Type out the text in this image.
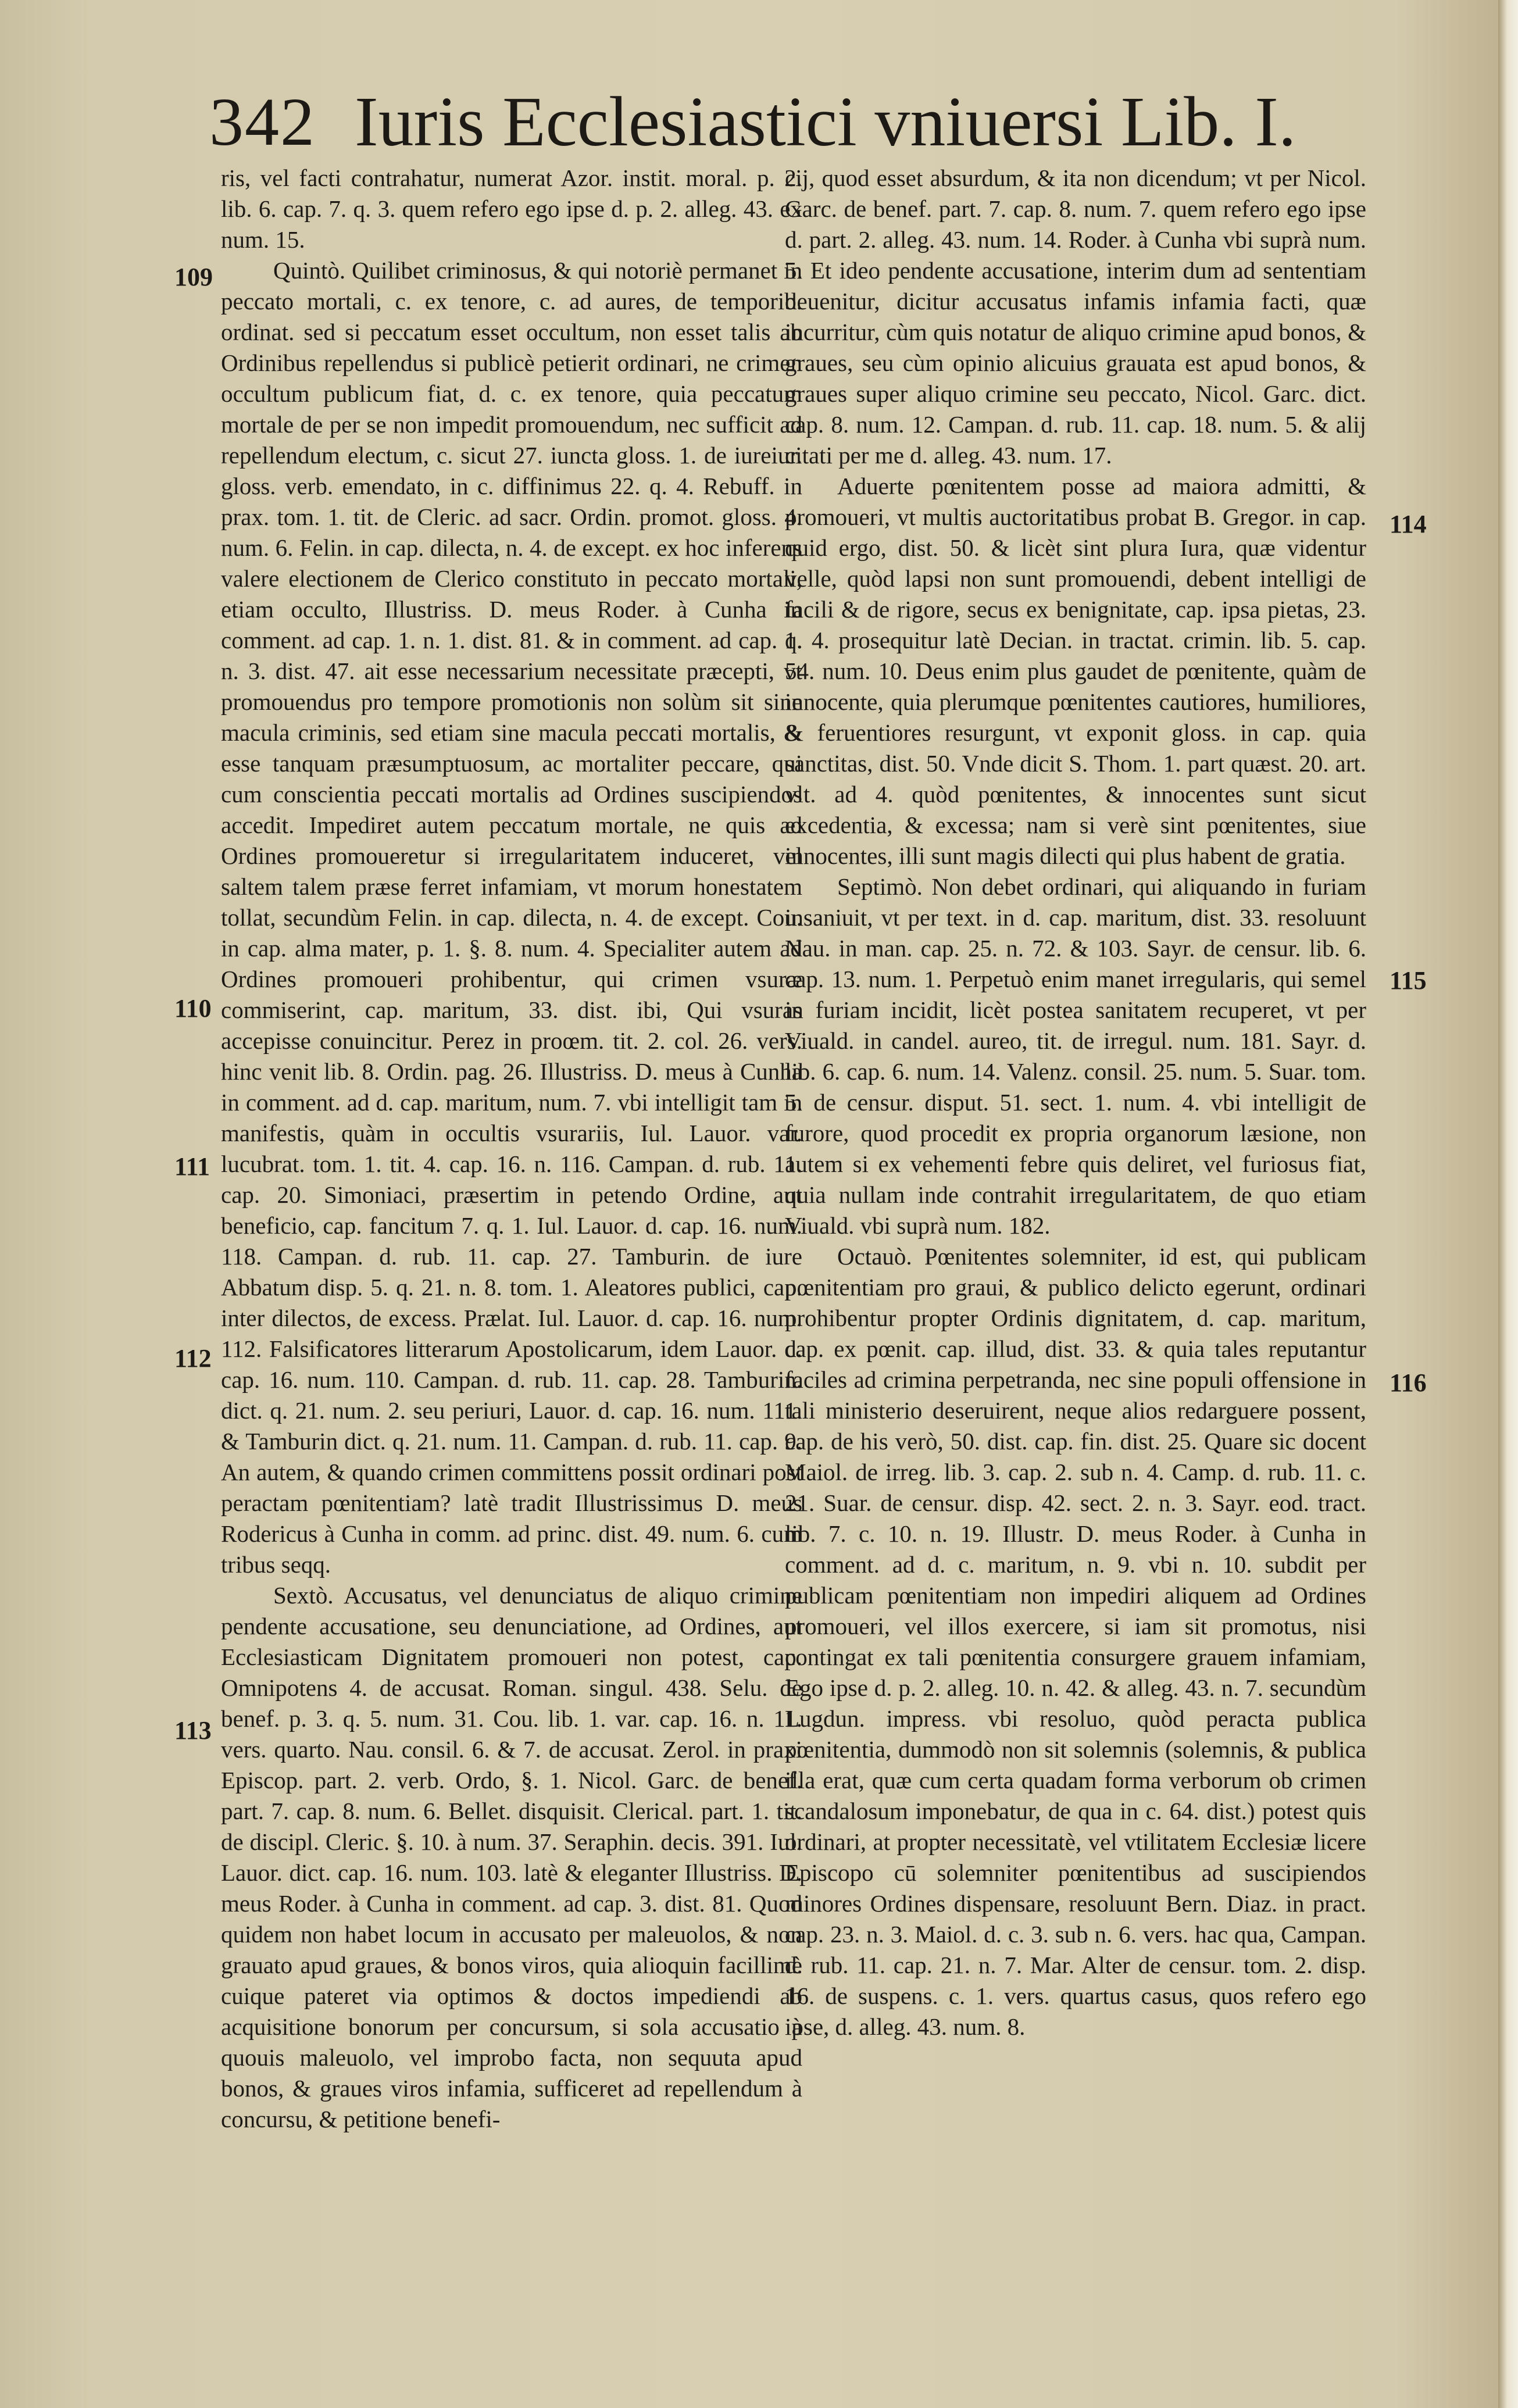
342 Iuris Ecclesiastici vniuersi Lib. I.

ris, vel facti contrahatur, numerat Azor. instit. moral. p. 2. lib. 6. cap. 7. q. 3. quem refero ego ipse d. p. 2. alleg. 43. ex num. 15.

Quintò. Quilibet criminosus, & qui notoriè permanet in peccato mortali, c. ex tenore, c. ad aures, de temporib. ordinat. sed si peccatum esset occultum, non esset talis ab Ordinibus repellendus si publicè petierit ordinari, ne crimen occultum publicum fiat, d. c. ex tenore, quia peccatum mortale de per se non impedit promouendum, nec sufficit ad repellendum electum, c. sicut 27. iuncta gloss. 1. de iureiur. gloss. verb. emendato, in c. diffinimus 22. q. 4. Rebuff. in prax. tom. 1. tit. de Cleric. ad sacr. Ordin. promot. gloss. 4. num. 6. Felin. in cap. dilecta, n. 4. de except. ex hoc inferens valere electionem de Clerico constituto in peccato mortali, etiam occulto, Illustriss. D. meus Roder. à Cunha in comment. ad cap. 1. n. 1. dist. 81. & in comment. ad cap. 1. n. 3. dist. 47. ait esse necessarium necessitate præcepti, vt promouendus pro tempore promotionis non solùm sit sine macula criminis, sed etiam sine macula peccati mortalis, & esse tanquam præsumptuosum, ac mortaliter peccare, qui cum conscientia peccati mortalis ad Ordines suscipiendos accedit. Impediret autem peccatum mortale, ne quis ad Ordines promoueretur si irregularitatem induceret, vel saltem talem præse ferret infamiam, vt morum honestatem tollat, secundùm Felin. in cap. dilecta, n. 4. de except. Cou. in cap. alma mater, p. 1. §. 8. num. 4. Specialiter autem ad Ordines promoueri prohibentur, qui crimen vsuræ commiserint, cap. maritum, 33. dist. ibi, Qui vsuras accepisse conuincitur. Perez in proœm. tit. 2. col. 26. vers. hinc venit lib. 8. Ordin. pag. 26. Illustriss. D. meus à Cunha in comment. ad d. cap. maritum, num. 7. vbi intelligit tam in manifestis, quàm in occultis vsurariis, Iul. Lauor. var. lucubrat. tom. 1. tit. 4. cap. 16. n. 116. Campan. d. rub. 11. cap. 20. Simoniaci, præsertim in petendo Ordine, aut beneficio, cap. fancitum 7. q. 1. Iul. Lauor. d. cap. 16. num. 118. Campan. d. rub. 11. cap. 27. Tamburin. de iure Abbatum disp. 5. q. 21. n. 8. tom. 1. Aleatores publici, cap. inter dilectos, de excess. Prælat. Iul. Lauor. d. cap. 16. num. 112. Falsificatores litterarum Apostolicarum, idem Lauor. d. cap. 16. num. 110. Campan. d. rub. 11. cap. 28. Tamburin. dict. q. 21. num. 2. seu periuri, Lauor. d. cap. 16. num. 111. & Tamburin dict. q. 21. num. 11. Campan. d. rub. 11. cap. 9. An autem, & quando crimen committens possit ordinari post peractam pœnitentiam? latè tradit Illustrissimus D. meus Rodericus à Cunha in comm. ad princ. dist. 49. num. 6. cum tribus seqq.

Sextò. Accusatus, vel denunciatus de aliquo crimine pendente accusatione, seu denunciatione, ad Ordines, aut Ecclesiasticam Dignitatem promoueri non potest, cap. Omnipotens 4. de accusat. Roman. singul. 438. Selu. de benef. p. 3. q. 5. num. 31. Cou. lib. 1. var. cap. 16. n. 11. vers. quarto. Nau. consil. 6. & 7. de accusat. Zerol. in praxi Episcop. part. 2. verb. Ordo, §. 1. Nicol. Garc. de benef. part. 7. cap. 8. num. 6. Bellet. disquisit. Clerical. part. 1. tit. de discipl. Cleric. §. 10. à num. 37. Seraphin. decis. 391. Iul. Lauor. dict. cap. 16. num. 103. latè & eleganter Illustriss. D. meus Roder. à Cunha in comment. ad cap. 3. dist. 81. Quod quidem non habet locum in accusato per maleuolos, & non grauato apud graues, & bonos viros, quia alioquin facillimè cuique pateret via optimos & doctos impediendi ab acquisitione bonorum per concursum, si sola accusatio à quouis maleuolo, vel improbo facta, non sequuta apud bonos, & graues viros infamia, sufficeret ad repellendum à concursu, & petitione benefi-

cij, quod esset absurdum, & ita non dicendum; vt per Nicol. Garc. de benef. part. 7. cap. 8. num. 7. quem refero ego ipse d. part. 2. alleg. 43. num. 14. Roder. à Cunha vbi suprà num. 5. Et ideo pendente accusatione, interim dum ad sententiam deuenitur, dicitur accusatus infamis infamia facti, quæ incurritur, cùm quis notatur de aliquo crimine apud bonos, & graues, seu cùm opinio alicuius grauata est apud bonos, & graues super aliquo crimine seu peccato, Nicol. Garc. dict. cap. 8. num. 12. Campan. d. rub. 11. cap. 18. num. 5. & alij citati per me d. alleg. 43. num. 17.

Aduerte pœnitentem posse ad maiora admitti, & promoueri, vt multis auctoritatibus probat B. Gregor. in cap. quid ergo, dist. 50. & licèt sint plura Iura, quæ videntur velle, quòd lapsi non sunt promouendi, debent intelligi de facili & de rigore, secus ex benignitate, cap. ipsa pietas, 23. q. 4. prosequitur latè Decian. in tractat. crimin. lib. 5. cap. 54. num. 10. Deus enim plus gaudet de pœnitente, quàm de innocente, quia plerumque pœnitentes cautiores, humiliores, & feruentiores resurgunt, vt exponit gloss. in cap. quia sanctitas, dist. 50. Vnde dicit S. Thom. 1. part quæst. 20. art. vlt. ad 4. quòd pœnitentes, & innocentes sunt sicut excedentia, & excessa; nam si verè sint pœnitentes, siue innocentes, illi sunt magis dilecti qui plus habent de gratia.

Septimò. Non debet ordinari, qui aliquando in furiam insaniuit, vt per text. in d. cap. maritum, dist. 33. resoluunt Nau. in man. cap. 25. n. 72. & 103. Sayr. de censur. lib. 6. cap. 13. num. 1. Perpetuò enim manet irregularis, qui semel in furiam incidit, licèt postea sanitatem recuperet, vt per Viuald. in candel. aureo, tit. de irregul. num. 181. Sayr. d. lib. 6. cap. 6. num. 14. Valenz. consil. 25. num. 5. Suar. tom. 5. de censur. disput. 51. sect. 1. num. 4. vbi intelligit de furore, quod procedit ex propria organorum læsione, non autem si ex vehementi febre quis deliret, vel furiosus fiat, quia nullam inde contrahit irregularitatem, de quo etiam Viuald. vbi suprà num. 182.

Octauò. Pœnitentes solemniter, id est, qui publicam pœnitentiam pro graui, & publico delicto egerunt, ordinari prohibentur propter Ordinis dignitatem, d. cap. maritum, cap. ex pœnit. cap. illud, dist. 33. & quia tales reputantur faciles ad crimina perpetranda, nec sine populi offensione in tali ministerio deseruirent, neque alios redarguere possent, cap. de his verò, 50. dist. cap. fin. dist. 25. Quare sic docent Maiol. de irreg. lib. 3. cap. 2. sub n. 4. Camp. d. rub. 11. c. 21. Suar. de censur. disp. 42. sect. 2. n. 3. Sayr. eod. tract. lib. 7. c. 10. n. 19. Illustr. D. meus Roder. à Cunha in comment. ad d. c. maritum, n. 9. vbi n. 10. subdit per publicam pœnitentiam non impediri aliquem ad Ordines promoueri, vel illos exercere, si iam sit promotus, nisi contingat ex tali pœnitentia consurgere grauem infamiam, Ego ipse d. p. 2. alleg. 10. n. 42. & alleg. 43. n. 7. secundùm Lugdun. impress. vbi resoluo, quòd peracta publica pœnitentia, dummodò non sit solemnis (solemnis, & publica illa erat, quæ cum certa quadam forma verborum ob crimen scandalosum imponebatur, de qua in c. 64. dist.) potest quis ordinari, at propter necessitatè, vel vtilitatem Ecclesiæ licere Episcopo cū solemniter pœnitentibus ad suscipiendos minores Ordines dispensare, resoluunt Bern. Diaz. in pract. cap. 23. n. 3. Maiol. d. c. 3. sub n. 6. vers. hac qua, Campan. d. rub. 11. cap. 21. n. 7. Mar. Alter de censur. tom. 2. disp. 16. de suspens. c. 1. vers. quartus casus, quos refero ego ipse, d. alleg. 43. num. 8.

109
110
111
112
113
114
115
116
